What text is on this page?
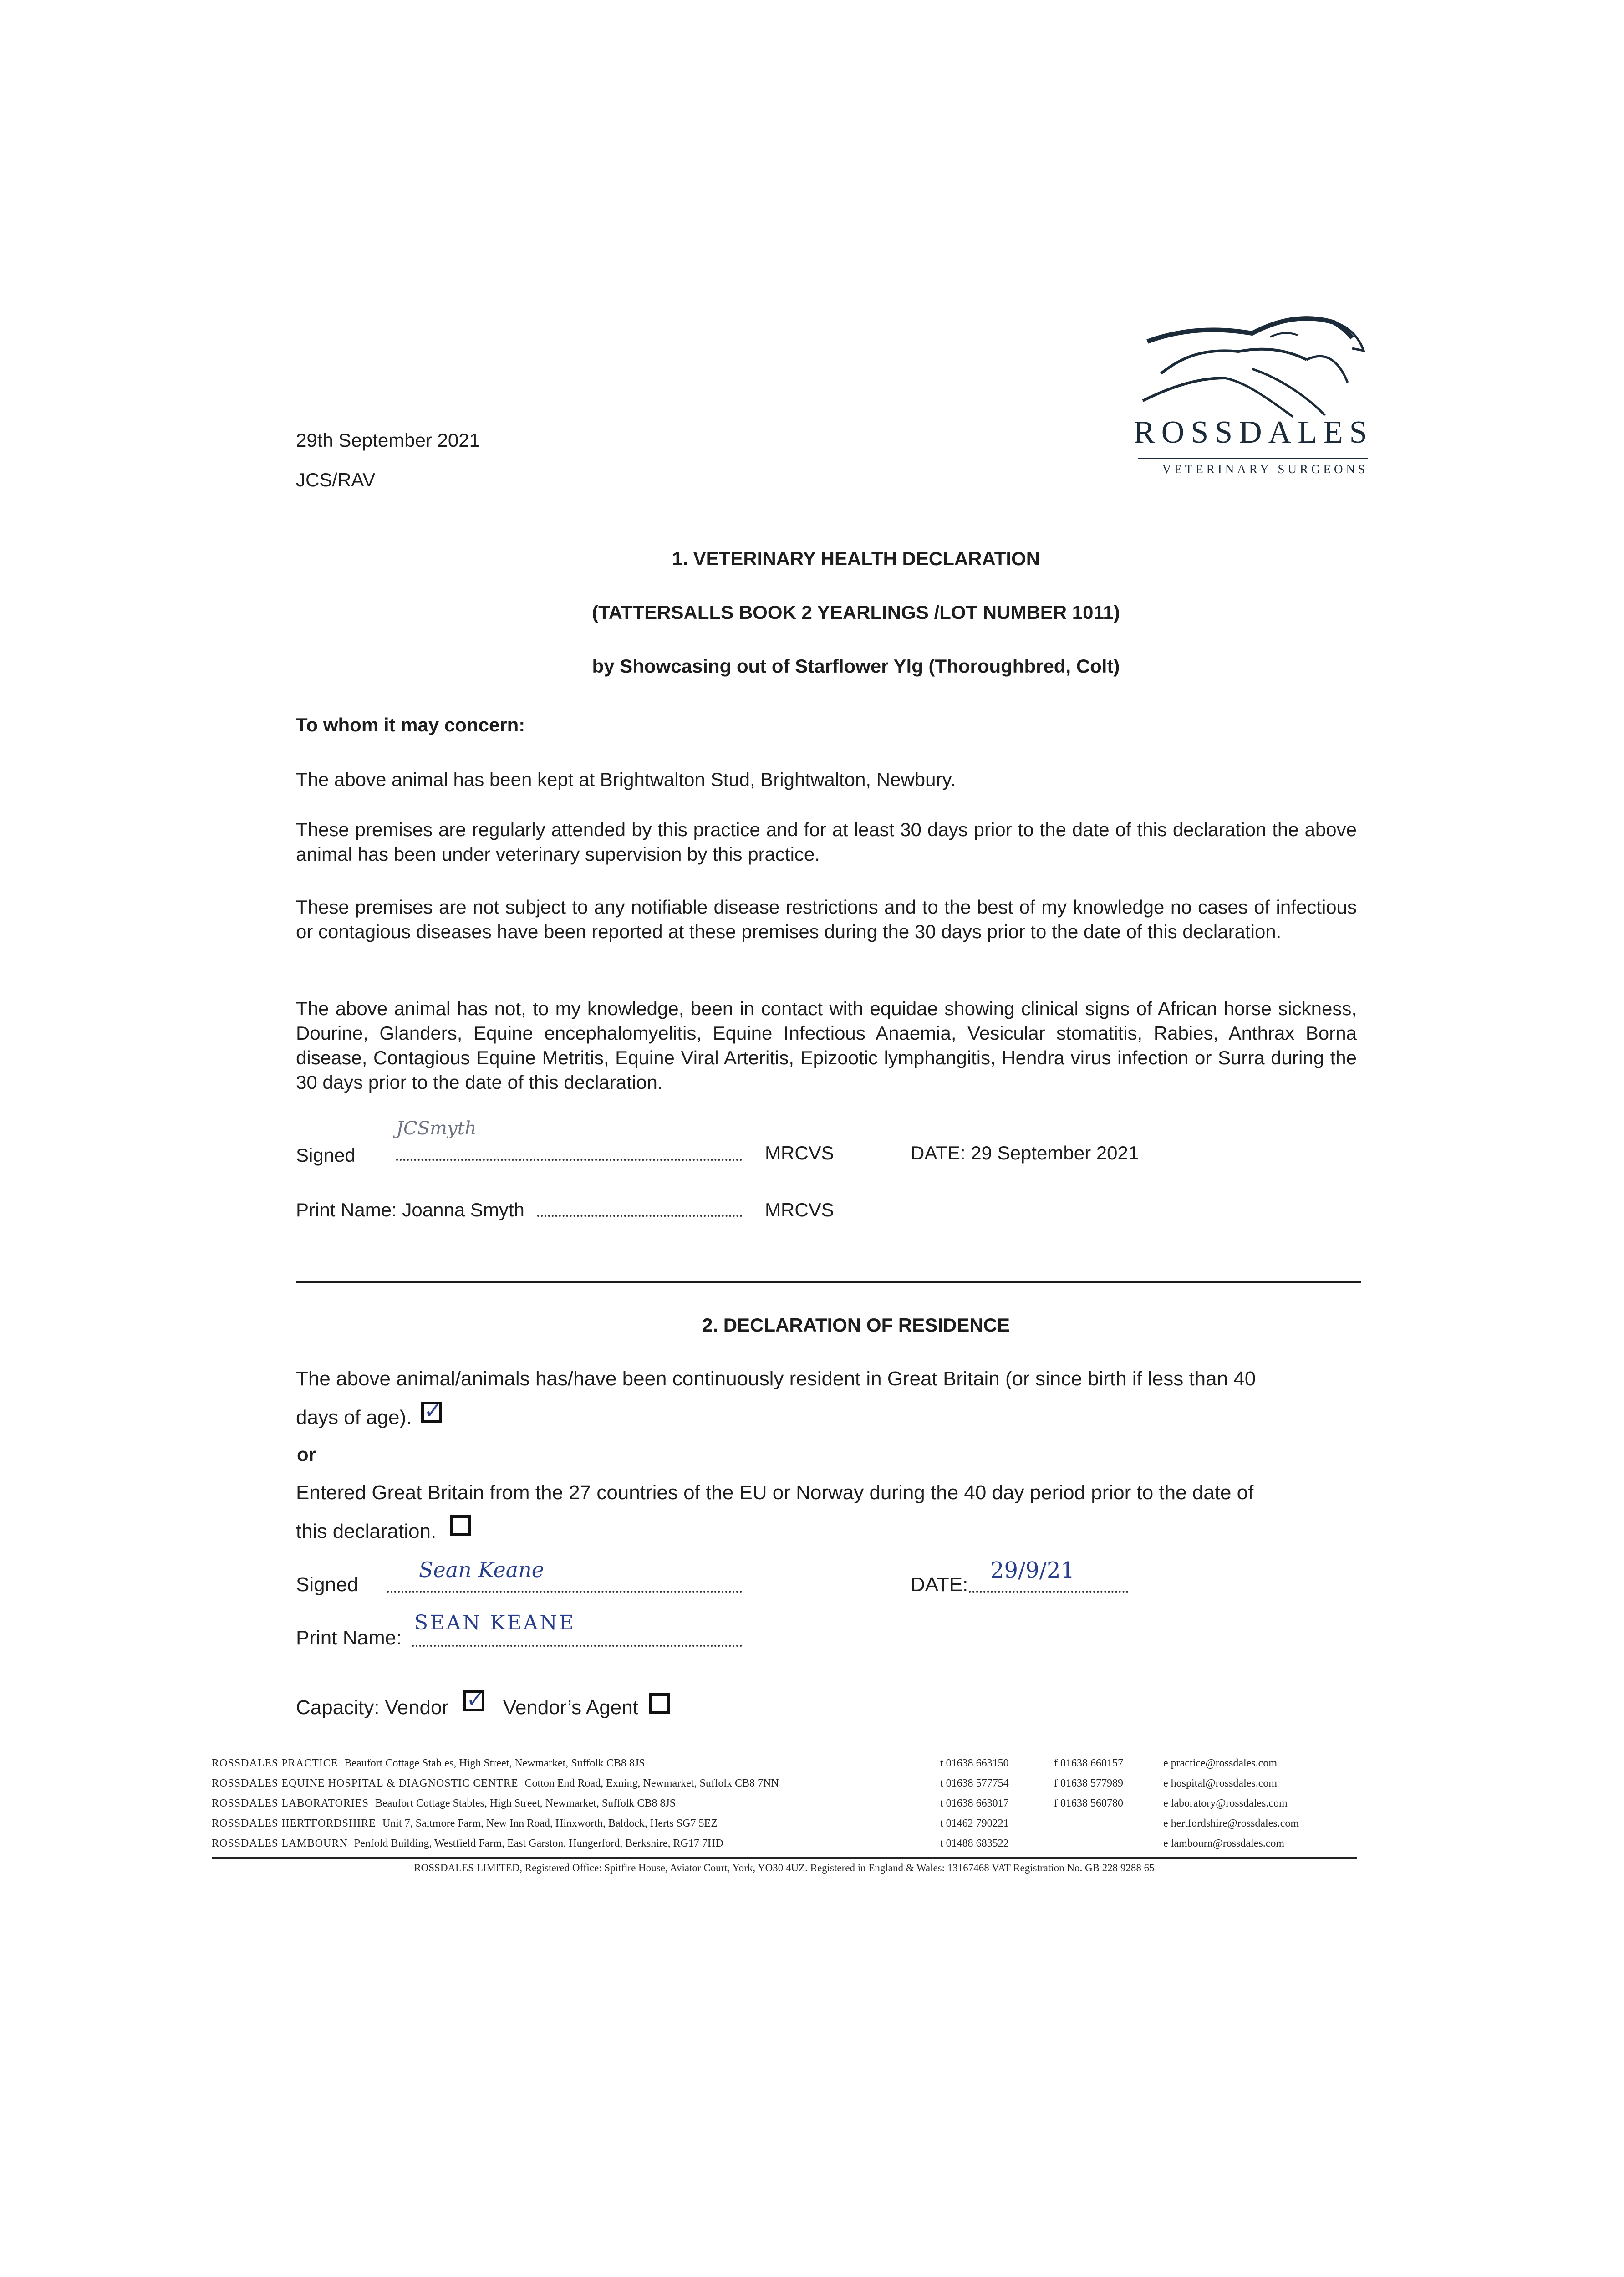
ROSSDALES
VETERINARY SURGEONS
29th September 2021
JCS/RAV
1. VETERINARY HEALTH DECLARATION
(TATTERSALLS BOOK 2 YEARLINGS /LOT NUMBER 1011)
by Showcasing out of Starflower Ylg (Thoroughbred, Colt)
To whom it may concern:
The above animal has been kept at Brightwalton Stud, Brightwalton, Newbury.
These premises are regularly attended by this practice and for at least 30 days prior to the date of this declaration the above animal has been under veterinary supervision by this practice.
These premises are not subject to any notifiable disease restrictions and to the best of my knowledge no cases of infectious or contagious diseases have been reported at these premises during the 30 days prior to the date of this declaration.
The above animal has not, to my knowledge, been in contact with equidae showing clinical signs of African horse sickness, Dourine, Glanders, Equine encephalomyelitis, Equine Infectious Anaemia, Vesicular stomatitis, Rabies, Anthrax Borna disease, Contagious Equine Metritis, Equine Viral Arteritis, Epizootic lymphangitis, Hendra virus infection or Surra during the 30 days prior to the date of this declaration.
Signed
JCSmyth
MRCVS	DATE: 29 September 2021
Print Name: Joanna Smyth	MRCVS
2. DECLARATION OF RESIDENCE
The above animal/animals has/have been continuously resident in Great Britain (or since birth if less than 40
days of age). ✓
or
Entered Great Britain from the 27 countries of the EU or Norway during the 40 day period prior to the date of
this declaration.
Signed
Sean Keane
DATE:
29/9/21
Print Name:
SEAN KEANE
Capacity: Vendor ✓ Vendor’s Agent
ROSSDALES PRACTICE Beaufort Cottage Stables, High Street, Newmarket, Suffolk CB8 8JS	t 01638 663150	f 01638 660157	e practice@rossdales.com
ROSSDALES EQUINE HOSPITAL & DIAGNOSTIC CENTRE Cotton End Road, Exning, Newmarket, Suffolk CB8 7NN	t 01638 577754	f 01638 577989	e hospital@rossdales.com
ROSSDALES LABORATORIES Beaufort Cottage Stables, High Street, Newmarket, Suffolk CB8 8JS	t 01638 663017	f 01638 560780	e laboratory@rossdales.com
ROSSDALES HERTFORDSHIRE Unit 7, Saltmore Farm, New Inn Road, Hinxworth, Baldock, Herts SG7 5EZ	t 01462 790221	e hertfordshire@rossdales.com
ROSSDALES LAMBOURN Penfold Building, Westfield Farm, East Garston, Hungerford, Berkshire, RG17 7HD	t 01488 683522	e lambourn@rossdales.com
ROSSDALES LIMITED, Registered Office: Spitfire House, Aviator Court, York, YO30 4UZ. Registered in England & Wales: 13167468 VAT Registration No. GB 228 9288 65
